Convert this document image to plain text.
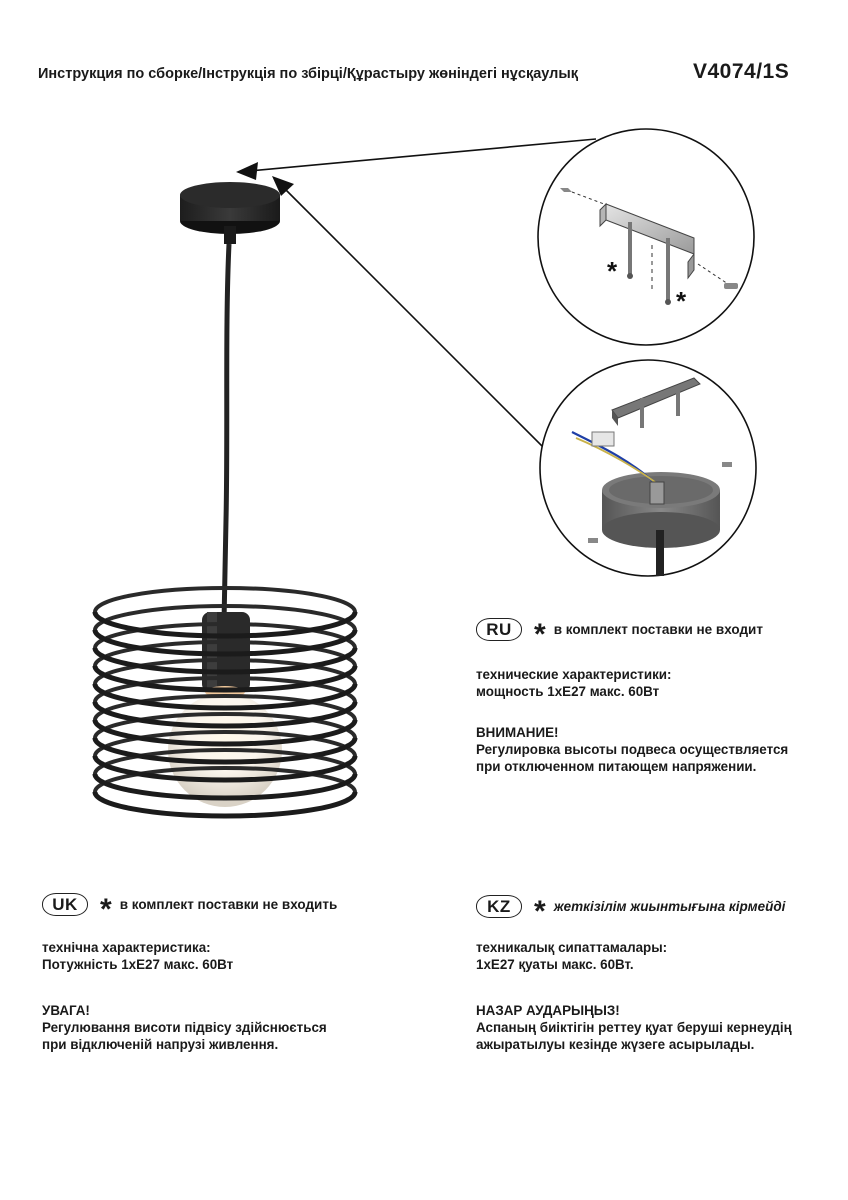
Инструкция по сборке/Інструкція по збірці/Құрастыру жөніндегі нұсқаулық	V4074/1S
*
*
RU * в комплект поставки не входит
технические характеристики:
мощность 1хЕ27 макс. 60Вт
ВНИМАНИЕ!
Регулировка высоты подвеса осуществляется
при отключенном питающем напряжении.
UK * в комплект поставки не входить
технічна характеристика:
Потужність 1хЕ27 макс. 60Вт
УВАГА!
Регулювання висоти підвісу здійснюється
при відключеній напрузі живлення.
KZ * жеткізілім жиынтығына кірмейді
техникалық сипаттамалары:
1хЕ27 қуаты макс. 60Вт.
НАЗАР АУДАРЫҢЫЗ!
Аспаның биіктігін реттеу қуат беруші кернеудің
ажыратылуы кезінде жүзеге асырылады.
